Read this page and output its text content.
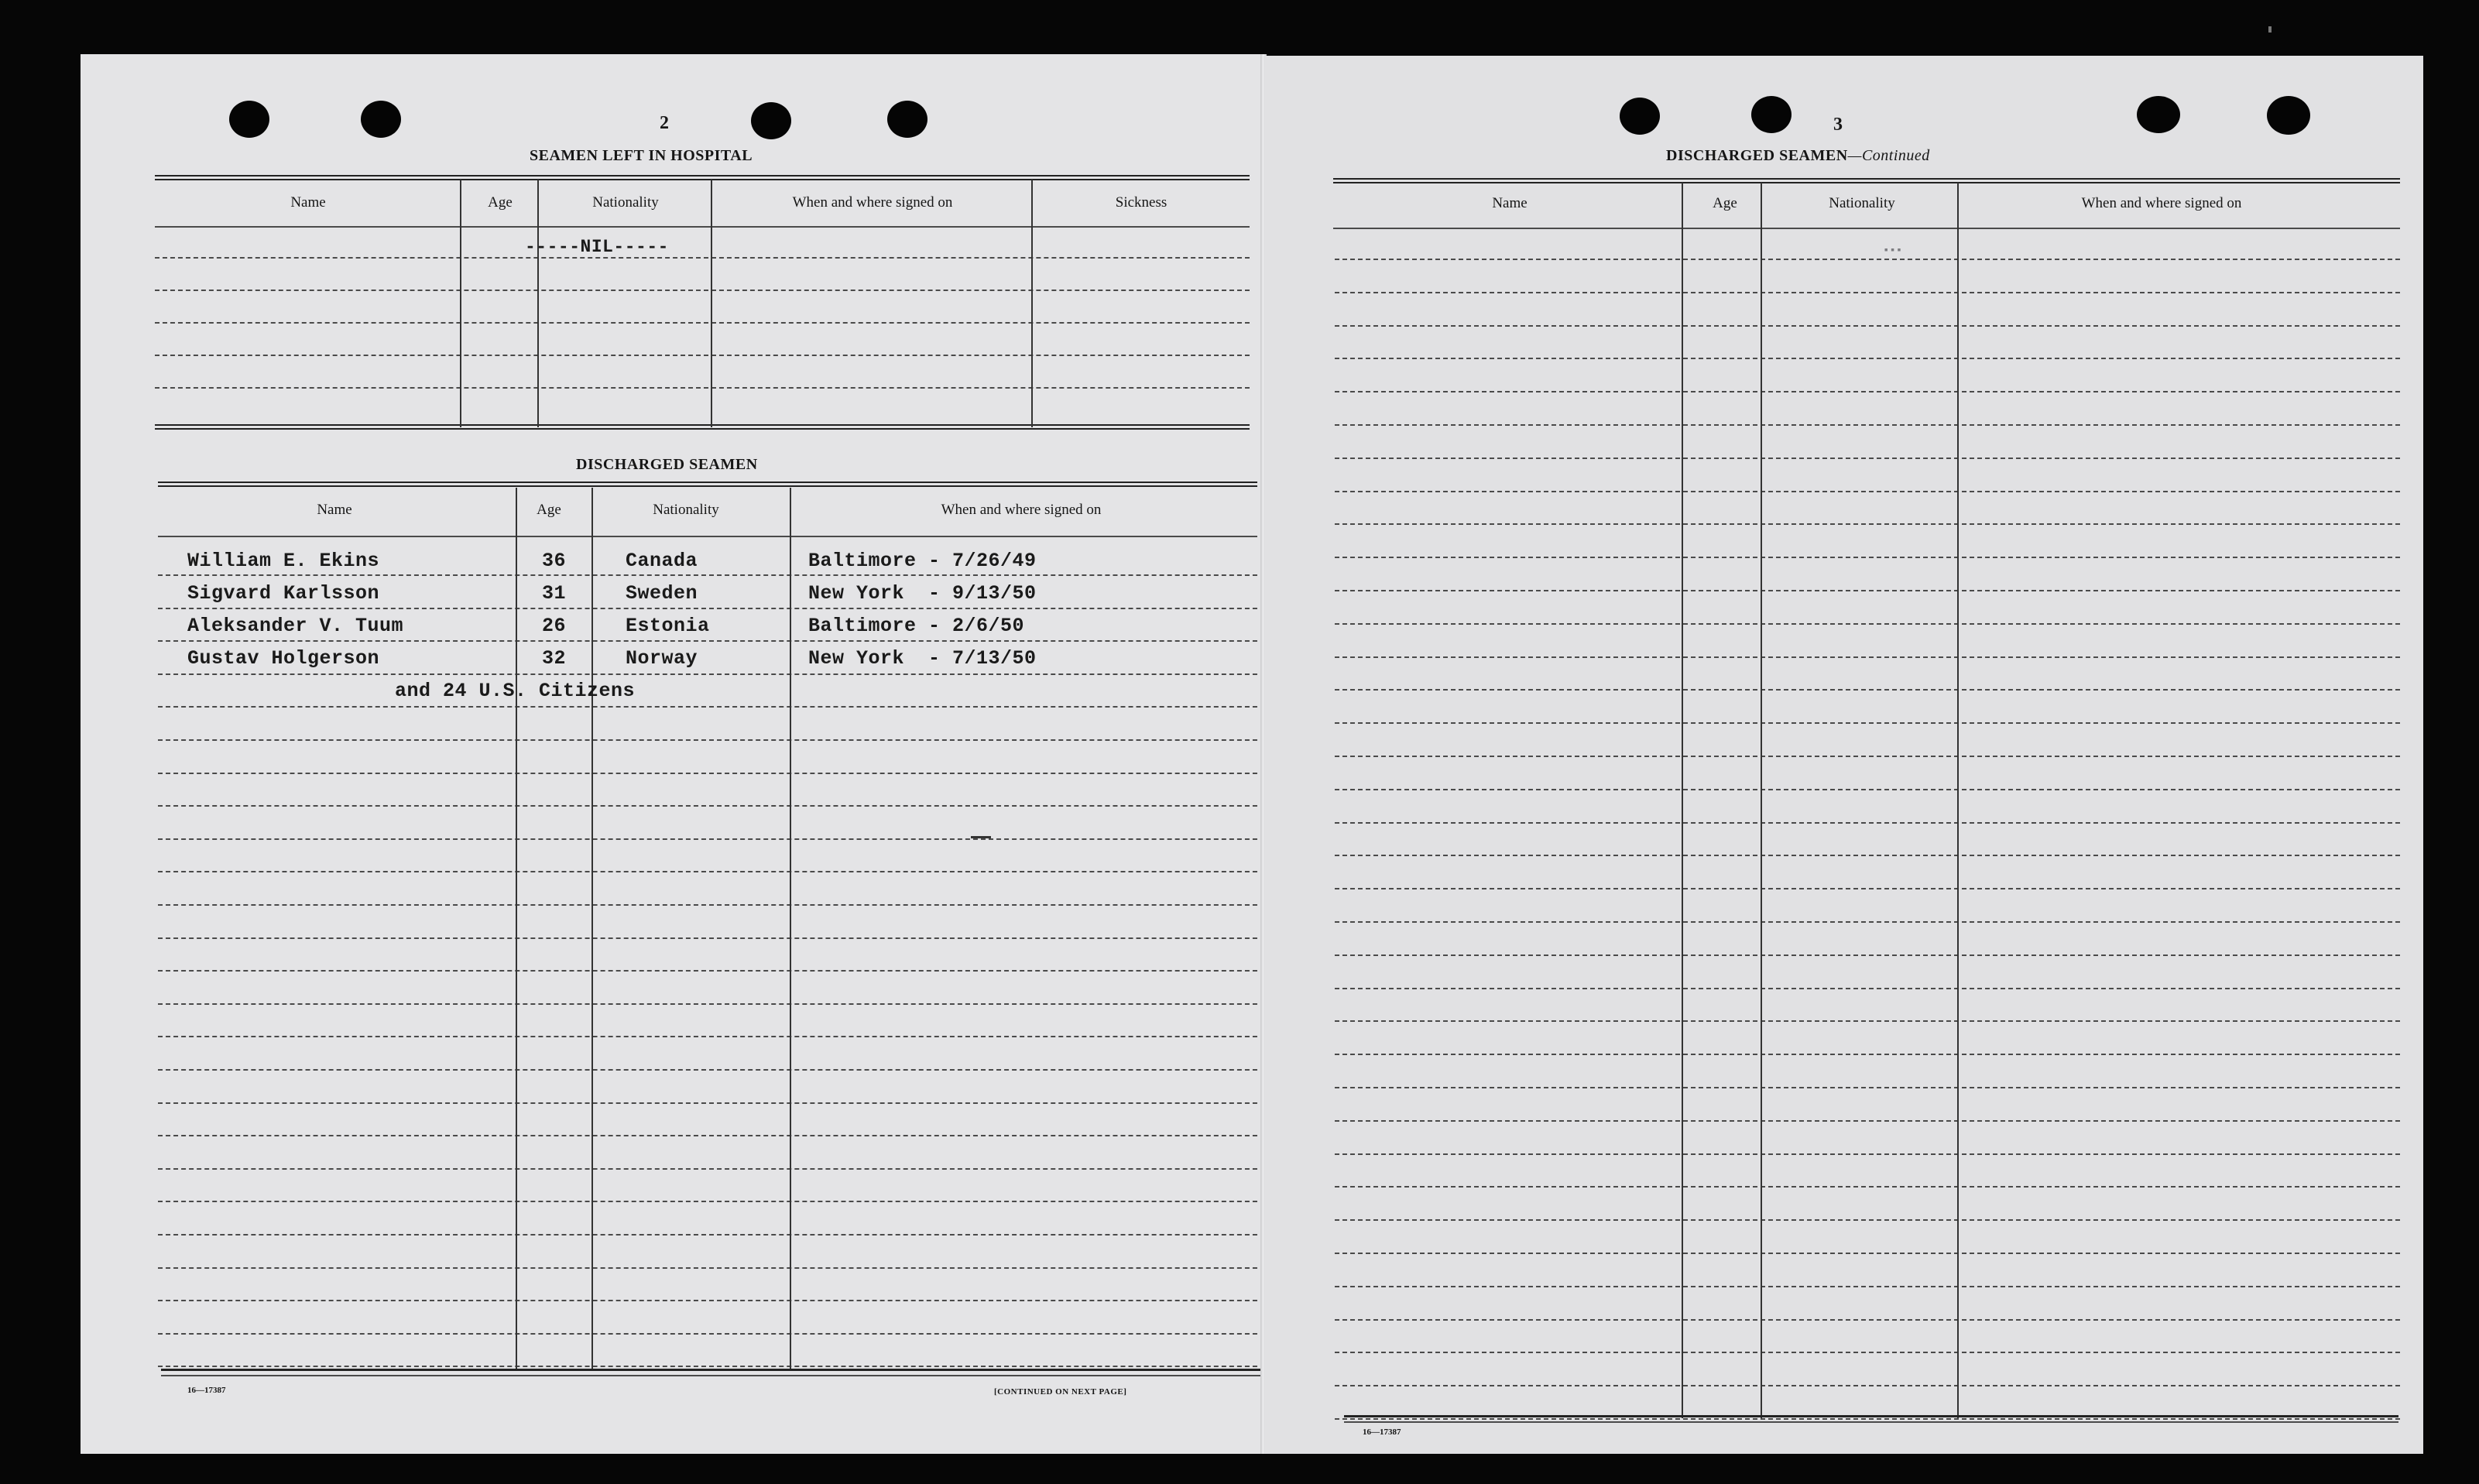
2
SEAMEN LEFT IN HOSPITAL
Name	Age	Nationality	When and where signed on	Sickness
-----NIL-----
DISCHARGED SEAMEN
Name	Age	Nationality	When and where signed on
William E. Ekins	36	Canada	Baltimore - 7/26/49
Sigvard Karlsson	31	Sweden	New York  - 9/13/50
Aleksander V. Tuum	26	Estonia	Baltimore - 2/6/50
Gustav Holgerson	32	Norway	New York  - 7/13/50
and 24 U.S. Citizens
16—17387	[CONTINUED ON NEXT PAGE]
3
DISCHARGED SEAMEN—Continued
Name	Age	Nationality	When and where signed on
▪▪▪
16—17387
